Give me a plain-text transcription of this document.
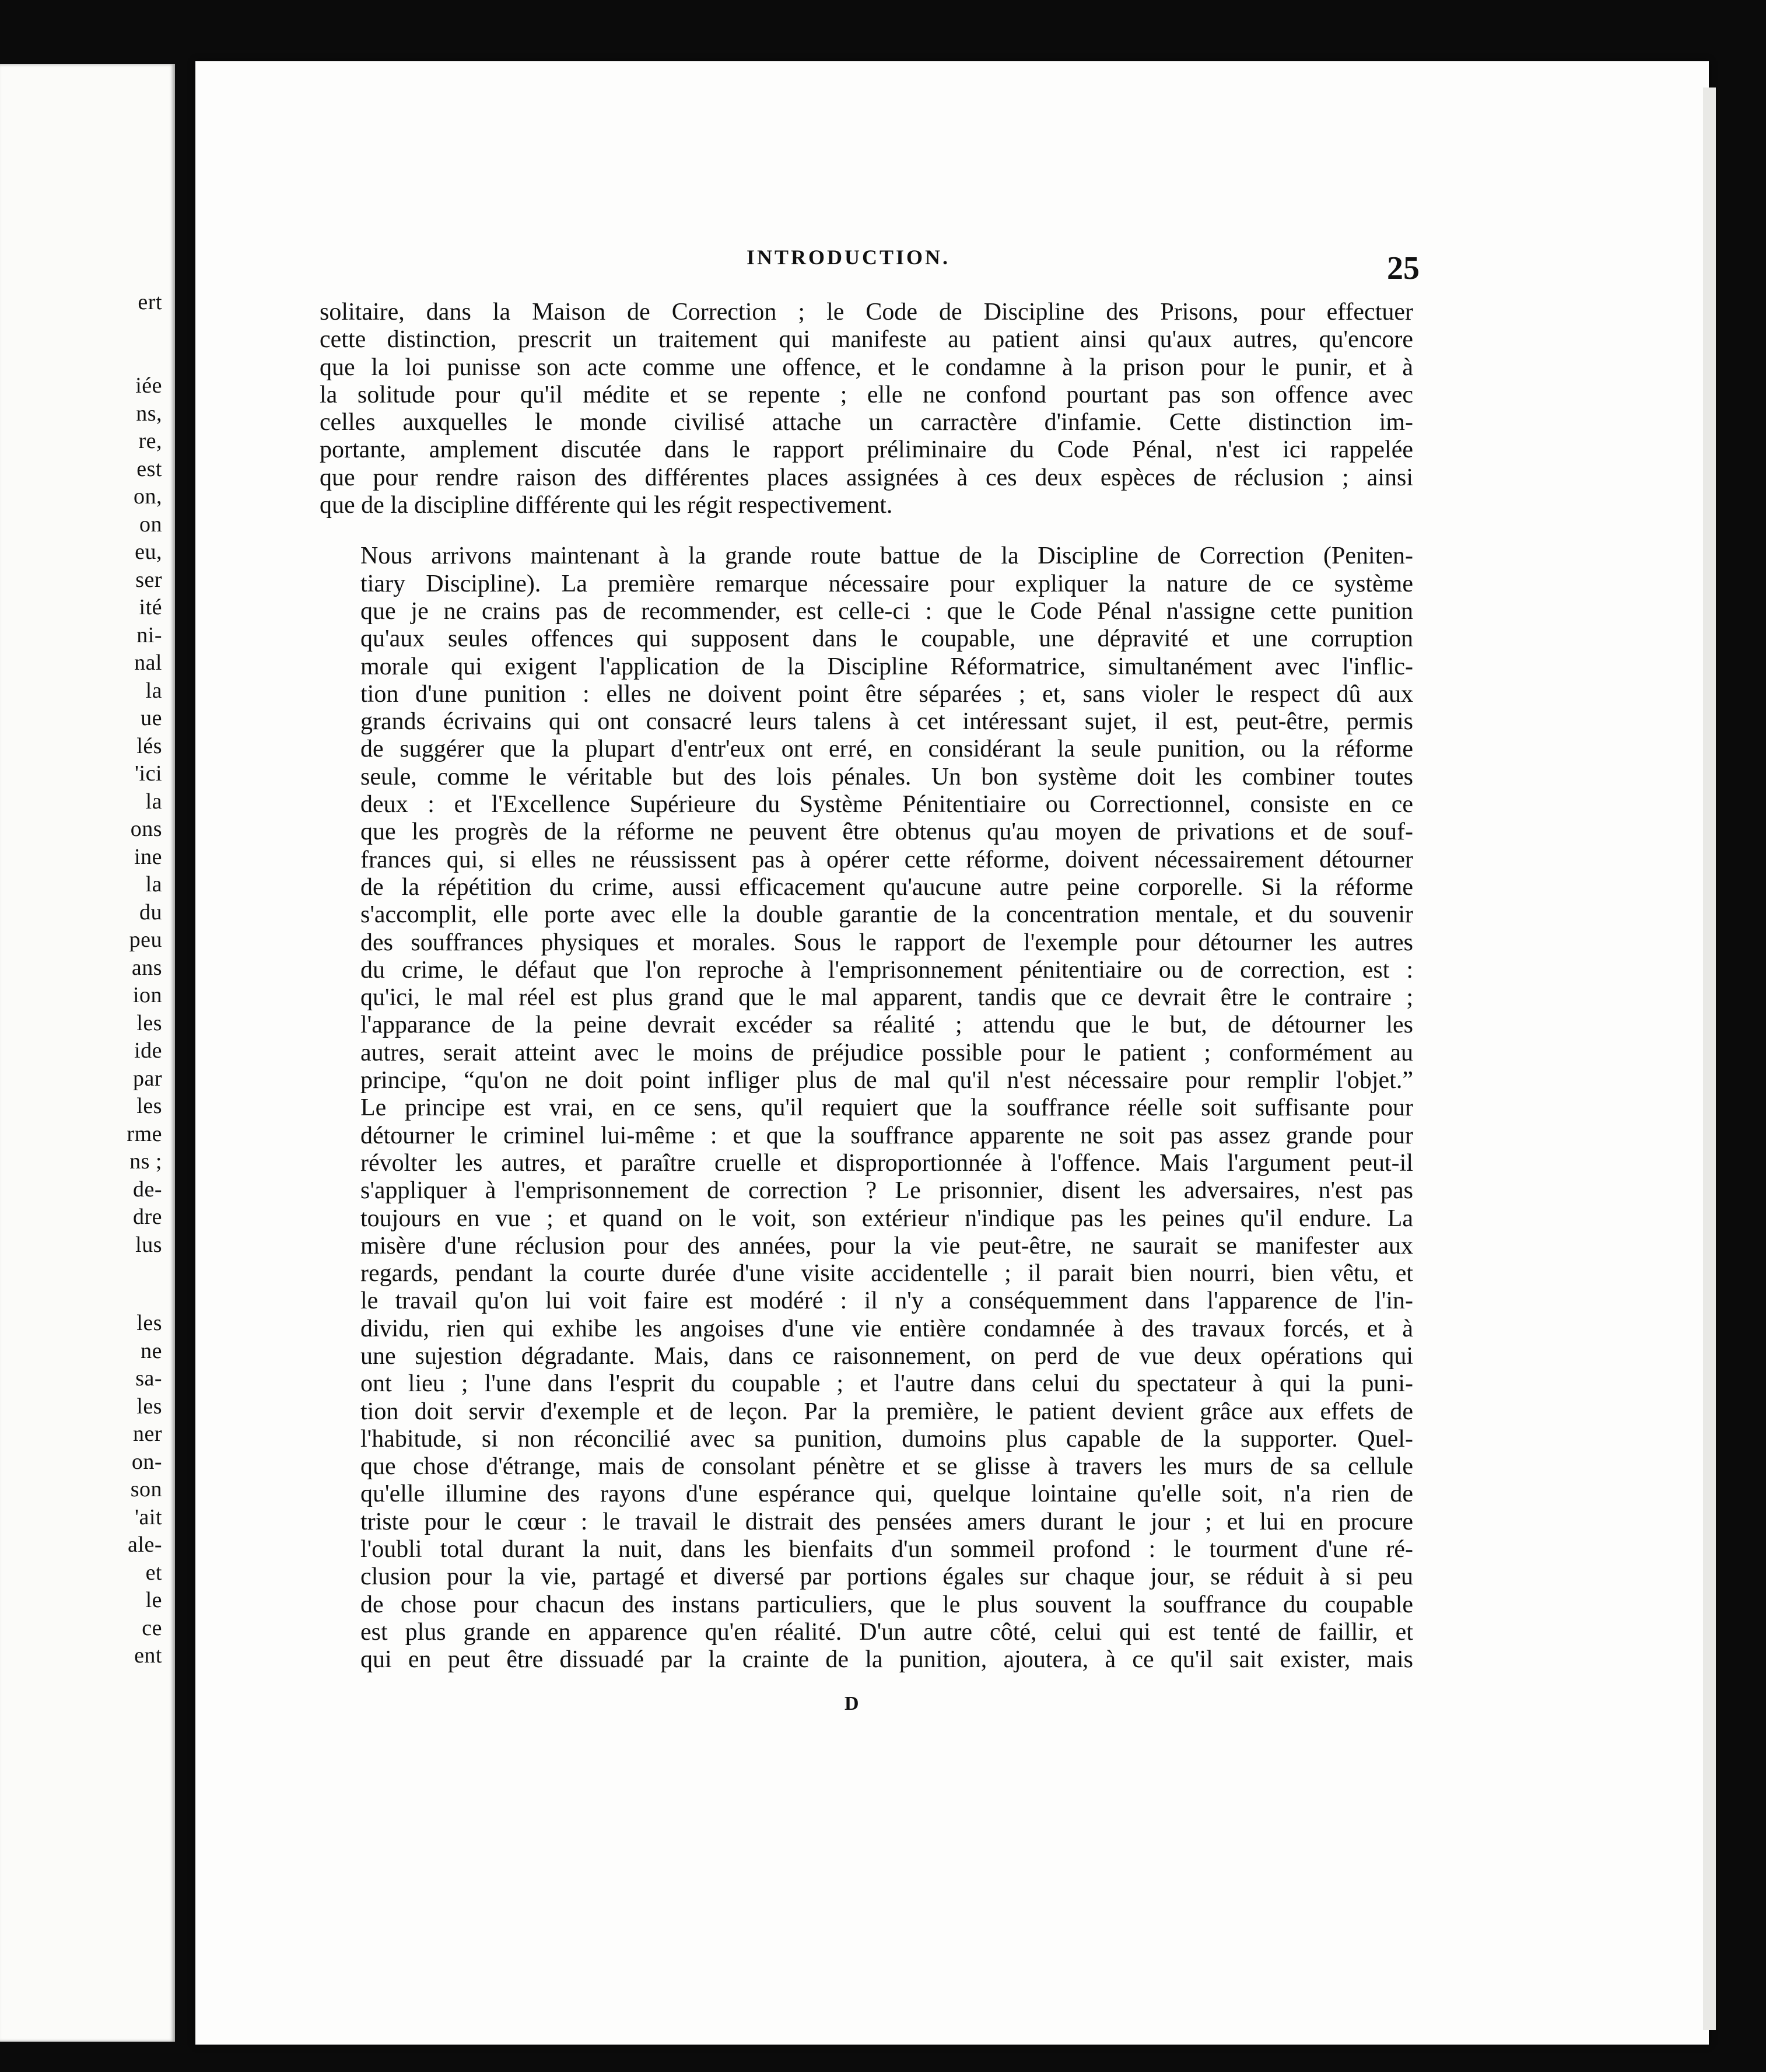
ert
iée
ns,
re,
est
on,
on
eu,
ser
ité
ni-
nal
la
ue
lés
'ici
la
ons
ine
la
du
peu
ans
ion
les
ide
par
les
rme
ns ;
de-
dre
lus
les
ne
sa-
les
ner
on-
son
'ait
ale-
et
le
ce
ent
INTRODUCTION.	25
solitaire, dans la Maison de Correction ; le Code de Discipline des Prisons, pour effectuer
cette distinction, prescrit un traitement qui manifeste au patient ainsi qu'aux autres, qu'encore
que la loi punisse son acte comme une offence, et le condamne à la prison pour le punir, et à
la solitude pour qu'il médite et se repente ; elle ne confond pourtant pas son offence avec
celles auxquelles le monde civilisé attache un carractère d'infamie. Cette distinction im-
portante, amplement discutée dans le rapport préliminaire du Code Pénal, n'est ici rappelée
que pour rendre raison des différentes places assignées à ces deux espèces de réclusion ; ainsi
que de la discipline différente qui les régit respectivement.
Nous arrivons maintenant à la grande route battue de la Discipline de Correction (Peniten-
tiary Discipline). La première remarque nécessaire pour expliquer la nature de ce système
que je ne crains pas de recommender, est celle-ci : que le Code Pénal n'assigne cette punition
qu'aux seules offences qui supposent dans le coupable, une dépravité et une corruption
morale qui exigent l'application de la Discipline Réformatrice, simultanément avec l'inflic-
tion d'une punition : elles ne doivent point être séparées ; et, sans violer le respect dû aux
grands écrivains qui ont consacré leurs talens à cet intéressant sujet, il est, peut-être, permis
de suggérer que la plupart d'entr'eux ont erré, en considérant la seule punition, ou la réforme
seule, comme le véritable but des lois pénales. Un bon système doit les combiner toutes
deux : et l'Excellence Supérieure du Système Pénitentiaire ou Correctionnel, consiste en ce
que les progrès de la réforme ne peuvent être obtenus qu'au moyen de privations et de souf-
frances qui, si elles ne réussissent pas à opérer cette réforme, doivent nécessairement détourner
de la répétition du crime, aussi efficacement qu'aucune autre peine corporelle. Si la réforme
s'accomplit, elle porte avec elle la double garantie de la concentration mentale, et du souvenir
des souffrances physiques et morales. Sous le rapport de l'exemple pour détourner les autres
du crime, le défaut que l'on reproche à l'emprisonnement pénitentiaire ou de correction, est :
qu'ici, le mal réel est plus grand que le mal apparent, tandis que ce devrait être le contraire ;
l'apparance de la peine devrait excéder sa réalité ; attendu que le but, de détourner les
autres, serait atteint avec le moins de préjudice possible pour le patient ; conformément au
principe, “qu'on ne doit point infliger plus de mal qu'il n'est nécessaire pour remplir l'objet.”
Le principe est vrai, en ce sens, qu'il requiert que la souffrance réelle soit suffisante pour
détourner le criminel lui-même : et que la souffrance apparente ne soit pas assez grande pour
révolter les autres, et paraître cruelle et disproportionnée à l'offence. Mais l'argument peut-il
s'appliquer à l'emprisonnement de correction ? Le prisonnier, disent les adversaires, n'est pas
toujours en vue ; et quand on le voit, son extérieur n'indique pas les peines qu'il endure. La
misère d'une réclusion pour des années, pour la vie peut-être, ne saurait se manifester aux
regards, pendant la courte durée d'une visite accidentelle ; il parait bien nourri, bien vêtu, et
le travail qu'on lui voit faire est modéré : il n'y a conséquemment dans l'apparence de l'in-
dividu, rien qui exhibe les angoises d'une vie entière condamnée à des travaux forcés, et à
une sujestion dégradante. Mais, dans ce raisonnement, on perd de vue deux opérations qui
ont lieu ; l'une dans l'esprit du coupable ; et l'autre dans celui du spectateur à qui la puni-
tion doit servir d'exemple et de leçon. Par la première, le patient devient grâce aux effets de
l'habitude, si non réconcilié avec sa punition, dumoins plus capable de la supporter. Quel-
que chose d'étrange, mais de consolant pénètre et se glisse à travers les murs de sa cellule
qu'elle illumine des rayons d'une espérance qui, quelque lointaine qu'elle soit, n'a rien de
triste pour le cœur : le travail le distrait des pensées amers durant le jour ; et lui en procure
l'oubli total durant la nuit, dans les bienfaits d'un sommeil profond : le tourment d'une ré-
clusion pour la vie, partagé et diversé par portions égales sur chaque jour, se réduit à si peu
de chose pour chacun des instans particuliers, que le plus souvent la souffrance du coupable
est plus grande en apparence qu'en réalité. D'un autre côté, celui qui est tenté de faillir, et
qui en peut être dissuadé par la crainte de la punition, ajoutera, à ce qu'il sait exister, mais
D
